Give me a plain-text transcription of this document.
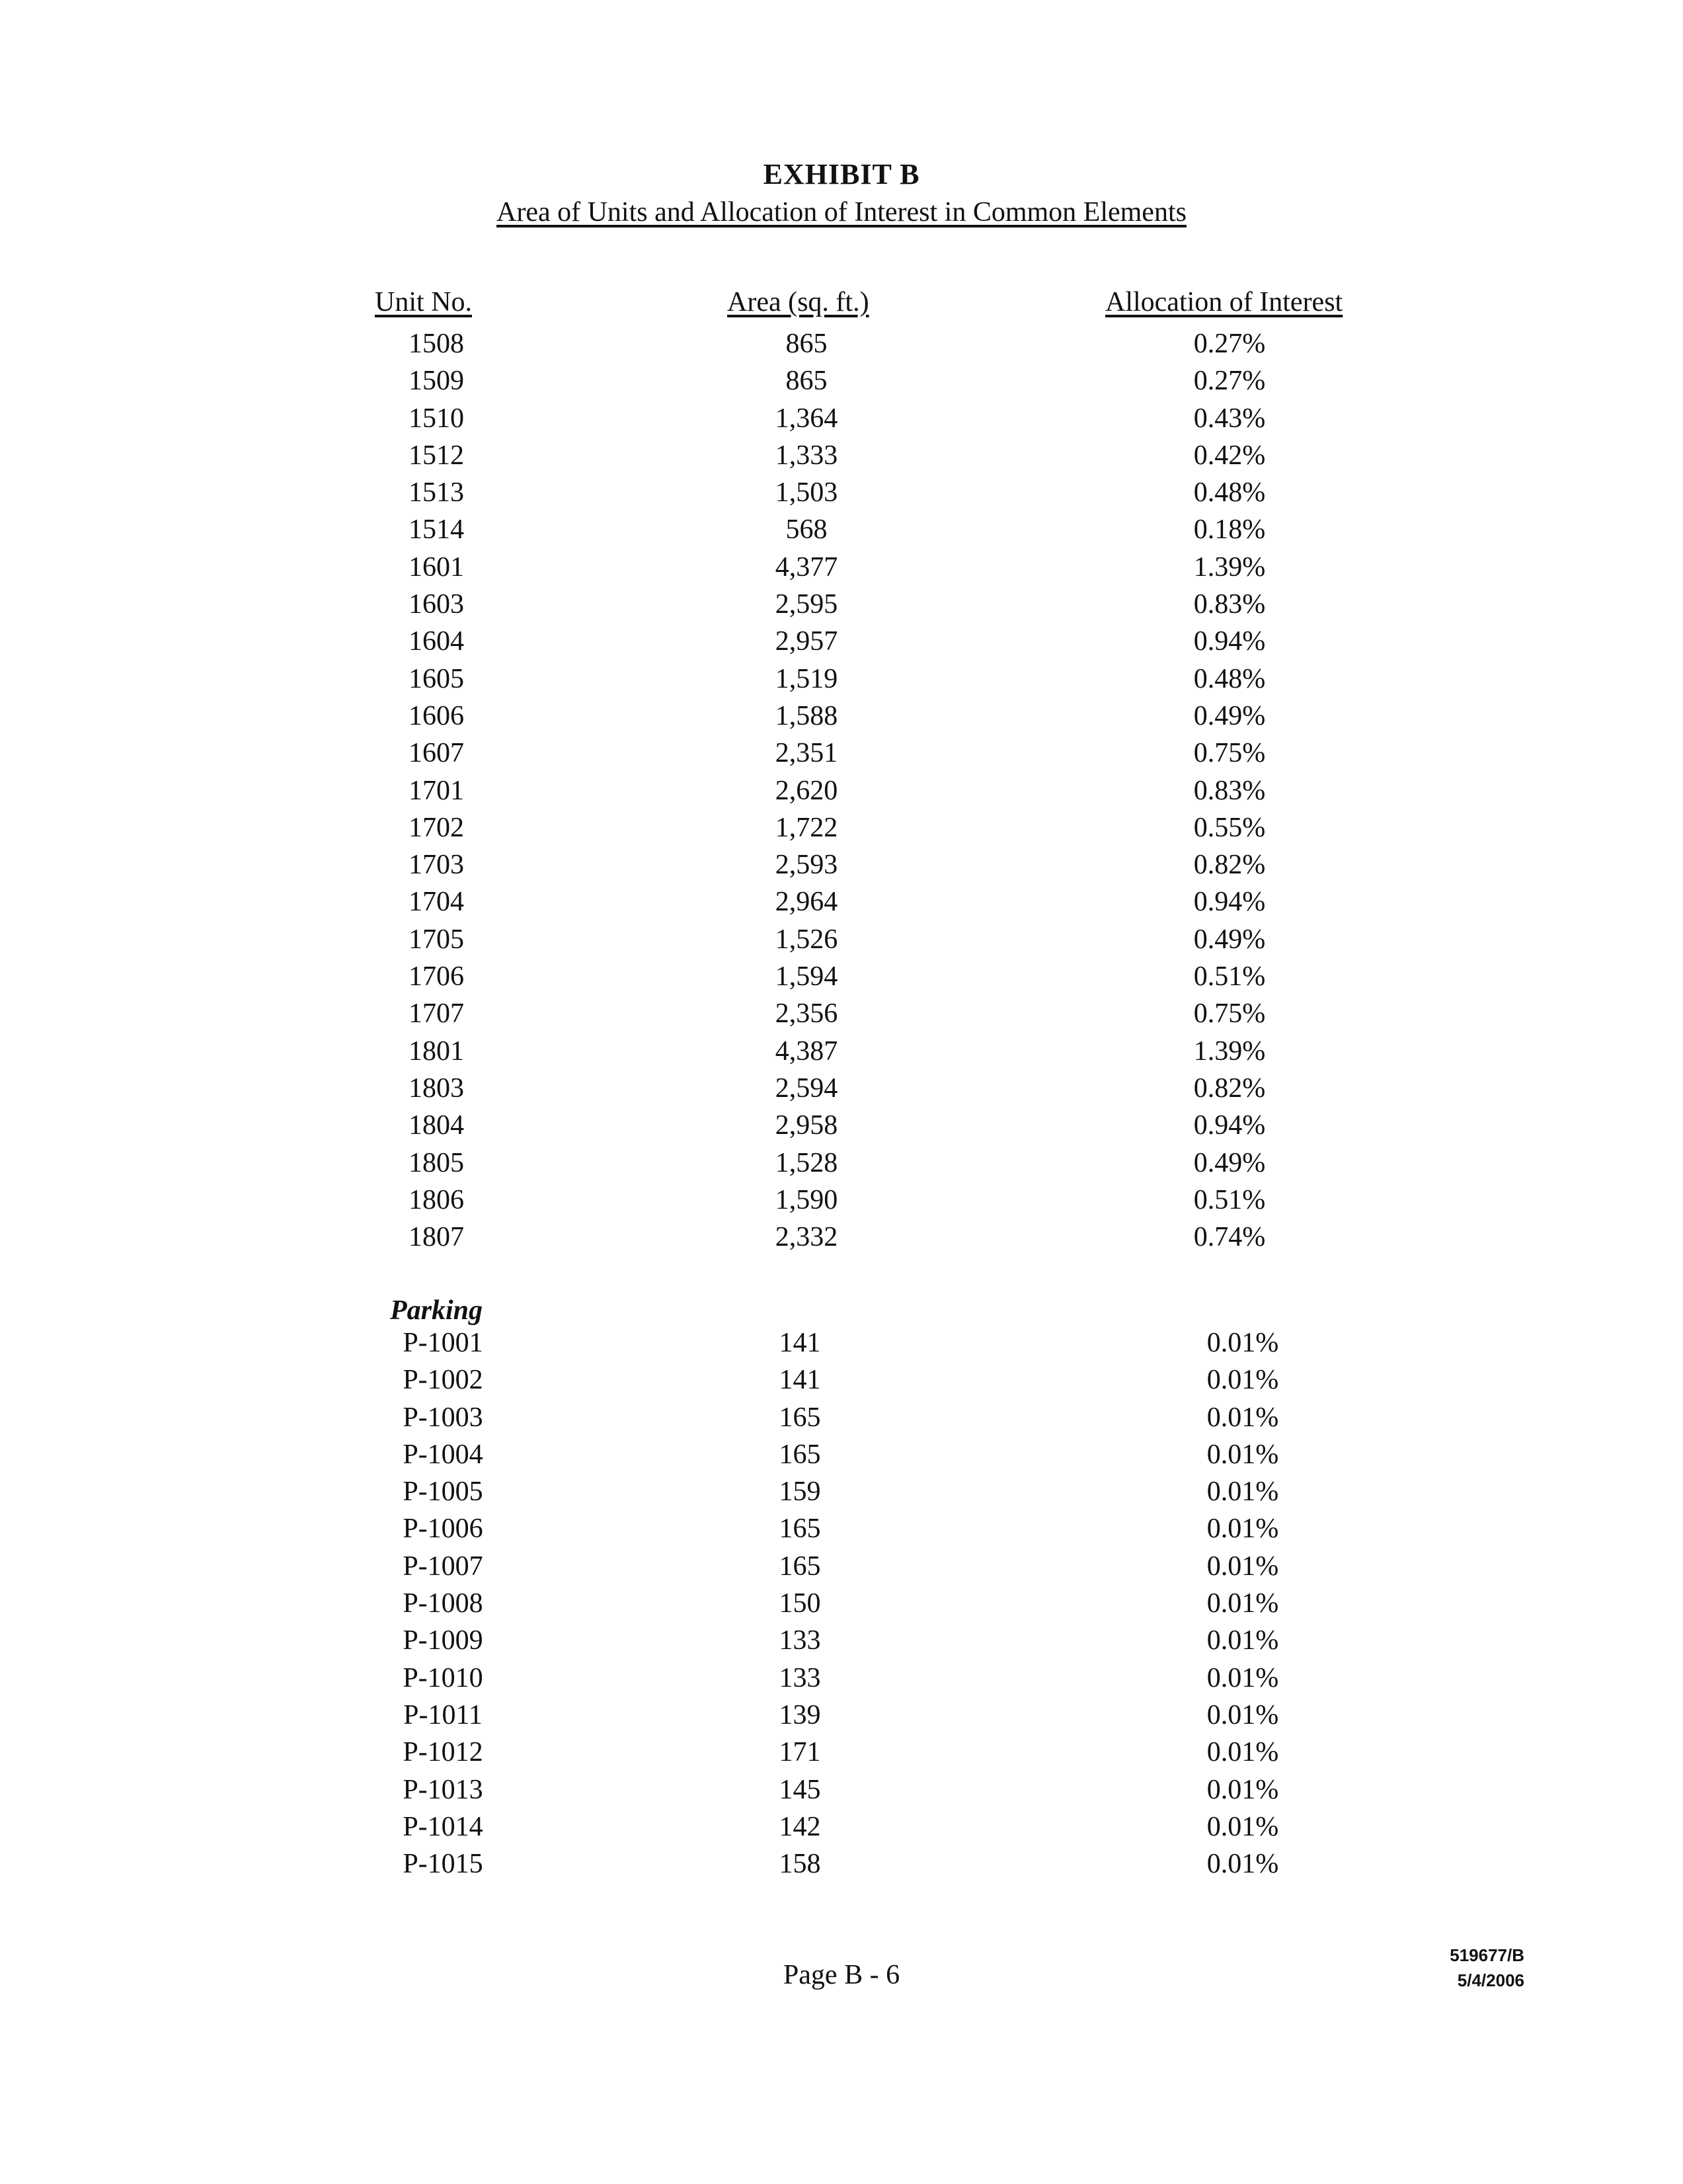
EXHIBIT B
Area of Units and Allocation of Interest in Common Elements
Unit No.	Area (sq. ft.)	Allocation of Interest
1508	865	0.27%
1509	865	0.27%
1510	1,364	0.43%
1512	1,333	0.42%
1513	1,503	0.48%
1514	568	0.18%
1601	4,377	1.39%
1603	2,595	0.83%
1604	2,957	0.94%
1605	1,519	0.48%
1606	1,588	0.49%
1607	2,351	0.75%
1701	2,620	0.83%
1702	1,722	0.55%
1703	2,593	0.82%
1704	2,964	0.94%
1705	1,526	0.49%
1706	1,594	0.51%
1707	2,356	0.75%
1801	4,387	1.39%
1803	2,594	0.82%
1804	2,958	0.94%
1805	1,528	0.49%
1806	1,590	0.51%
1807	2,332	0.74%
Parking
P-1001	141	0.01%
P-1002	141	0.01%
P-1003	165	0.01%
P-1004	165	0.01%
P-1005	159	0.01%
P-1006	165	0.01%
P-1007	165	0.01%
P-1008	150	0.01%
P-1009	133	0.01%
P-1010	133	0.01%
P-1011	139	0.01%
P-1012	171	0.01%
P-1013	145	0.01%
P-1014	142	0.01%
P-1015	158	0.01%
Page B - 6
519677/B
5/4/2006
